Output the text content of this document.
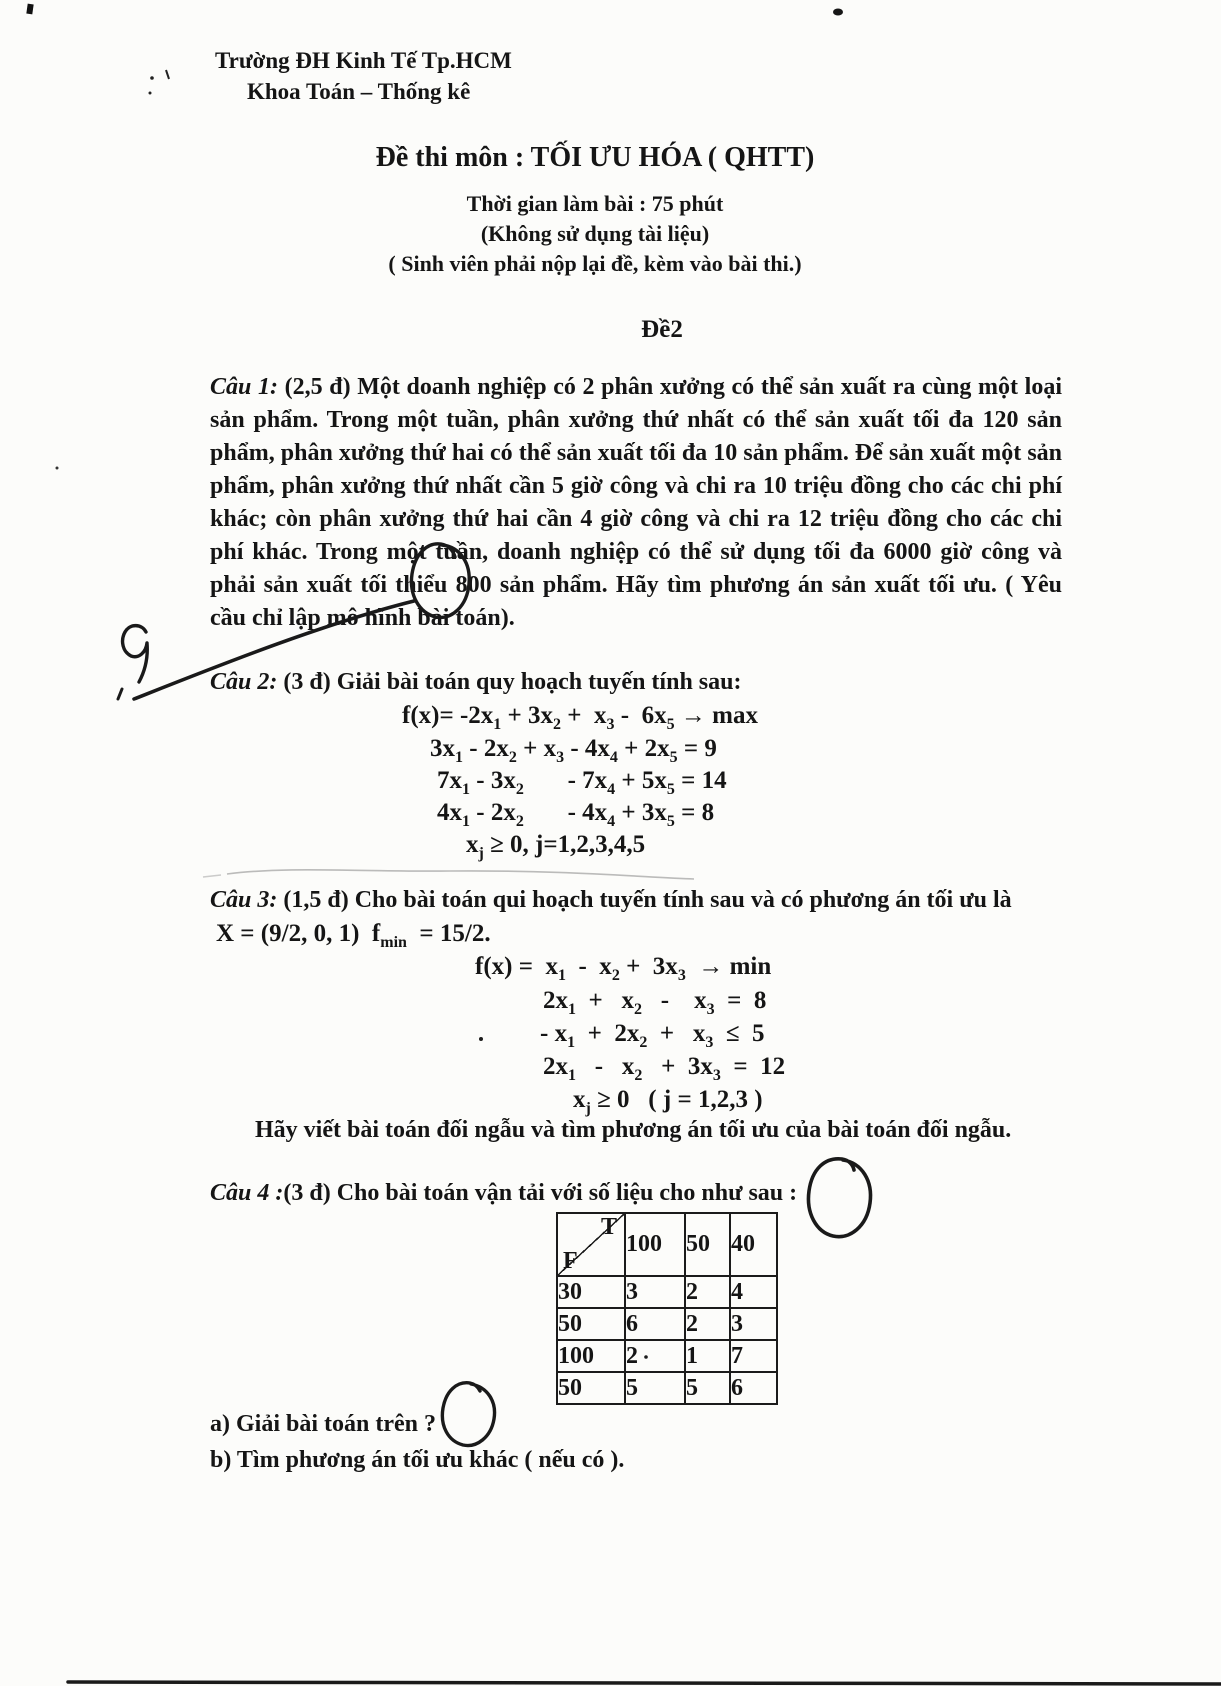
Trường ĐH Kinh Tế Tp.HCM
Khoa Toán – Thống kê
Đề thi môn : TỐI ƯU HÓA ( QHTT)
Thời gian làm bài : 75 phút
(Không sử dụng tài liệu)
( Sinh viên phải nộp lại đề, kèm vào bài thi.)
Đề2
Câu 1: (2,5 đ) Một doanh nghiệp có 2 phân xưởng có thể sản xuất ra cùng một loại sản phẩm. Trong một tuần, phân xưởng thứ nhất có thể sản xuất tối đa 120 sản phẩm, phân xưởng thứ hai có thể sản xuất tối đa 10 sản phẩm. Để sản xuất một sản phẩm, phân xưởng thứ nhất cần 5 giờ công và chi ra 10 triệu đồng cho các chi phí khác; còn phân xưởng thứ hai cần 4 giờ công và chi ra 12 triệu đồng cho các chi phí khác. Trong một tuần, doanh nghiệp có thể sử dụng tối đa 6000 giờ công và phải sản xuất tối thiểu 800 sản phẩm. Hãy tìm phương án sản xuất tối ưu. ( Yêu cầu chỉ lập mô hình bài toán).
Câu 2: (3 đ) Giải bài toán quy hoạch tuyến tính sau:
$f(x)= -2x_1 + 3x_2 + x_3 - 6x_5 \to \max$
$3x_1 - 2x_2 + x_3 - 4x_4 + 2x_5 = 9$
$7x_1 - 3x_2$       - $7x_4 + 5x_5 = 14$
$4x_1 - 2x_2$       - $4x_4 + 3x_5 = 8$
$x_j \ge 0$, j=1,2,3,4,5
Câu 3: (1,5 đ) Cho bài toán qui hoạch tuyến tính sau và có phương án tối ưu là
X = (9/2, 0, 1)  $f_{min} = 15/2$.
$f(x) = x_1 - x_2 + 3x_3 \to \min$
$2x_1 + x_2$   -    $x_3 = 8$
- $x_1 + 2x_2 + x_3 \le 5$
$2x_1 - x_2 + 3x_3 = 12$
$x_j \ge 0$   ( j = 1,2,3 )
Hãy viết bài toán đối ngẫu và tìm phương án tối ưu của bài toán đối ngẫu.
Câu 4 :(3 đ) Cho bài toán vận tải với số liệu cho như sau :
T
F	100	50	40
30	3	2	4
50	6	2	3
100	2	1	7
50	5	5	6
a) Giải bài toán trên ?
b) Tìm phương án tối ưu khác ( nếu có ).
